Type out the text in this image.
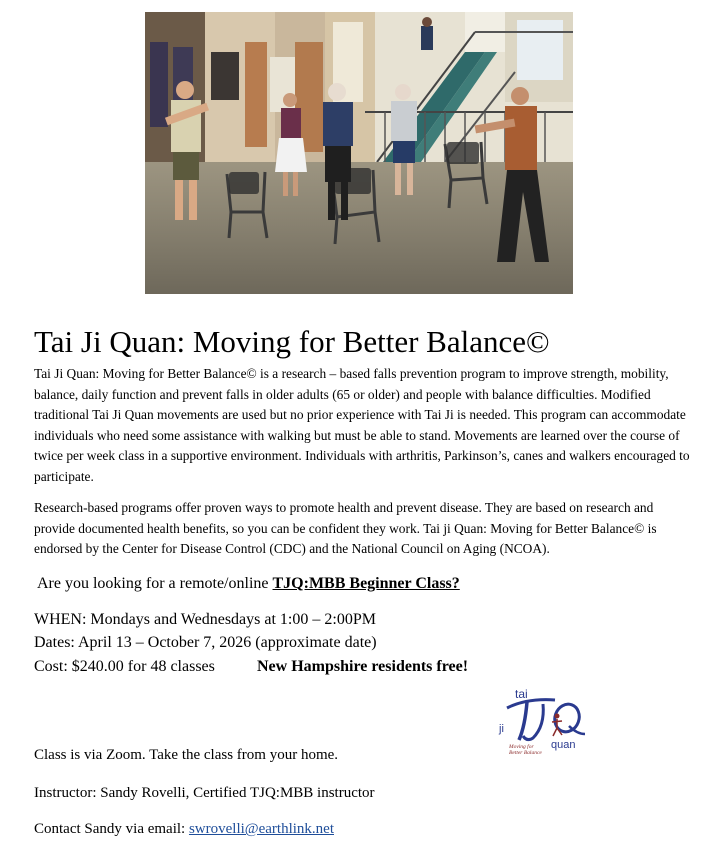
Tai Ji Quan: Moving for Better Balance©

Tai Ji Quan: Moving for Better Balance© is a research – based falls prevention program to improve strength, mobility, balance, daily function and prevent falls in older adults (65 or older) and people with balance difficulties. Modified traditional Tai Ji Quan movements are used but no prior experience with Tai Ji is needed. This program can accommodate individuals who need some assistance with walking but must be able to stand. Movements are learned over the course of twice per week class in a supportive environment. Individuals with arthritis, Parkinson’s, canes and walkers encouraged to participate.

Research-based programs offer proven ways to promote health and prevent disease. They are based on research and provide documented health benefits, so you can be confident they work. Tai ji Quan: Moving for Better Balance© is endorsed by the Center for Disease Control (CDC) and the National Council on Aging (NCOA).

Are you looking for a remote/online TJQ:MBB Beginner Class?

WHEN: Mondays and Wednesdays at 1:00 – 2:00PM

Dates: April 13 – October 7, 2026 (approximate date)

Cost: $240.00 for 48 classes	New Hampshire residents free!

tai
ji
quan
Moving for
Better Balance

Class is via Zoom. Take the class from your home.

Instructor: Sandy Rovelli, Certified TJQ:MBB instructor

Contact Sandy via email: swrovelli@earthlink.net
